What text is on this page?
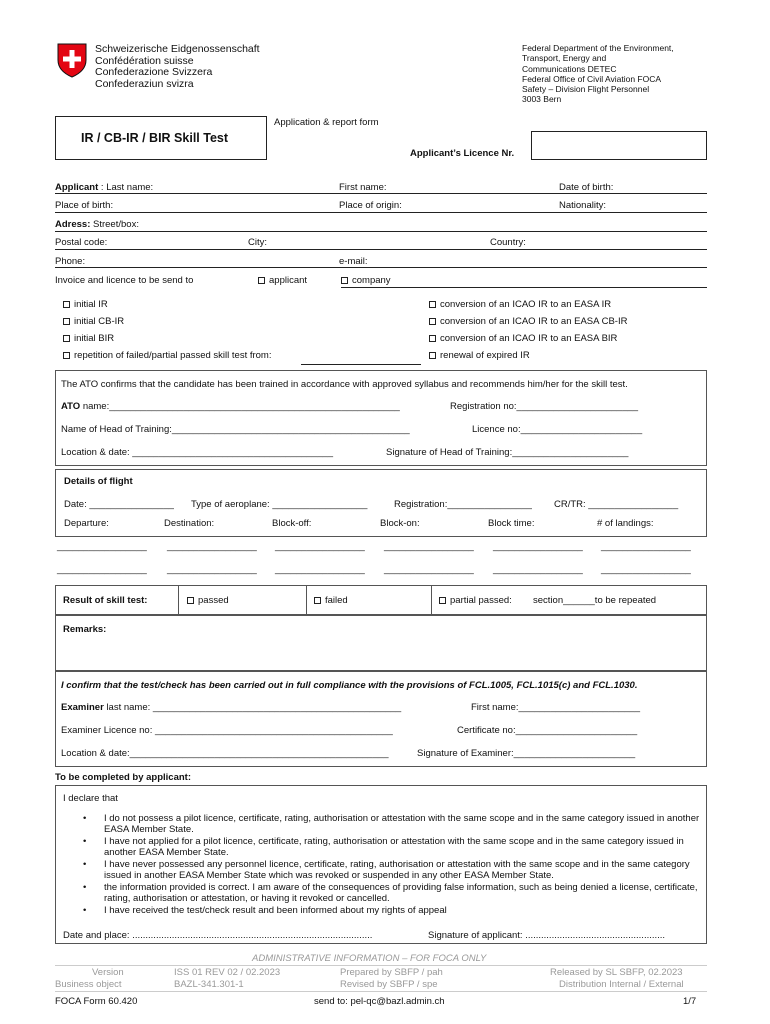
Schweizerische Eidgenossenschaft
Confédération suisse
Confederazione Svizzera
Confederaziun svizra
Federal Department of the Environment,
Transport, Energy and
Communications DETEC
Federal Office of Civil Aviation FOCA
Safety – Division Flight Personnel
3003 Bern
IR / CB-IR / BIR Skill Test
Application & report form
Applicant’s Licence Nr.
Applicant : Last name:	First name:	Date of birth:
Place of birth:	Place of origin:	Nationality:
Adress: Street/box:
Postal code:	City:	Country:
Phone:	e-mail:
Invoice and licence to be send to	applicant	company
initial IR
initial CB-IR
initial BIR
repetition of failed/partial passed skill test from:
conversion of an ICAO IR to an EASA IR
conversion of an ICAO IR to an EASA CB-IR
conversion of an ICAO IR to an EASA BIR
renewal of expired IR
The ATO confirms that the candidate has been trained in accordance with approved syllabus and recommends him/her for the skill test.
ATO name:_______________________________________________________	Registration no:_______________________
Name of Head of Training:_____________________________________________	Licence no:_______________________
Location & date: ______________________________________	Signature of Head of Training:______________________
Details of flight
Date: ________________ Type of aeroplane: __________________	Registration:________________ CR/TR: _________________
Departure:	Destination:	Block-off:	Block-on:	Block time:	# of landings:
_________________ _________________ _________________ _________________ _________________ _________________
_________________ _________________ _________________ _________________ _________________ _________________
Result of skill test:	passed	failed	partial passed: section______to be repeated
Remarks:
I confirm that the test/check has been carried out in full compliance with the provisions of FCL.1005, FCL.1015(c) and FCL.1030.
Examiner last name: _______________________________________________	First name:_______________________
Examiner Licence no: _____________________________________________	Certificate no:_______________________
Location & date:_________________________________________________	Signature of Examiner:_______________________
To be completed by applicant:
I declare that
• I do not possess a pilot licence, certificate, rating, authorisation or attestation with the same scope and in the same category issued in another EASA Member State.
• I have not applied for a pilot licence, certificate, rating, authorisation or attestation with the same scope and in the same category issued in another EASA Member State.
• I have never possessed any personnel licence, certificate, rating, authorisation or attestation with the same scope and in the same category issued in another EASA Member State which was revoked or suspended in any other EASA Member State.
• the information provided is correct. I am aware of the consequences of providing false information, such as being denied a license, certificate, rating, authorisation or attestation, or having it revoked or cancelled.
• I have received the test/check result and been informed about my rights of appeal
Date and place: ...........................................................................................	Signature of applicant: .....................................................
ADMINISTRATIVE INFORMATION – FOR FOCA ONLY
Version	ISS 01 REV 02 / 02.2023	Prepared by SBFP / pah	Released by SL SBFP, 02.2023
Business object	BAZL-341.301-1	Revised by SBFP / spe	Distribution Internal / External
FOCA Form 60.420	send to: pel-qc@bazl.admin.ch	1/7
